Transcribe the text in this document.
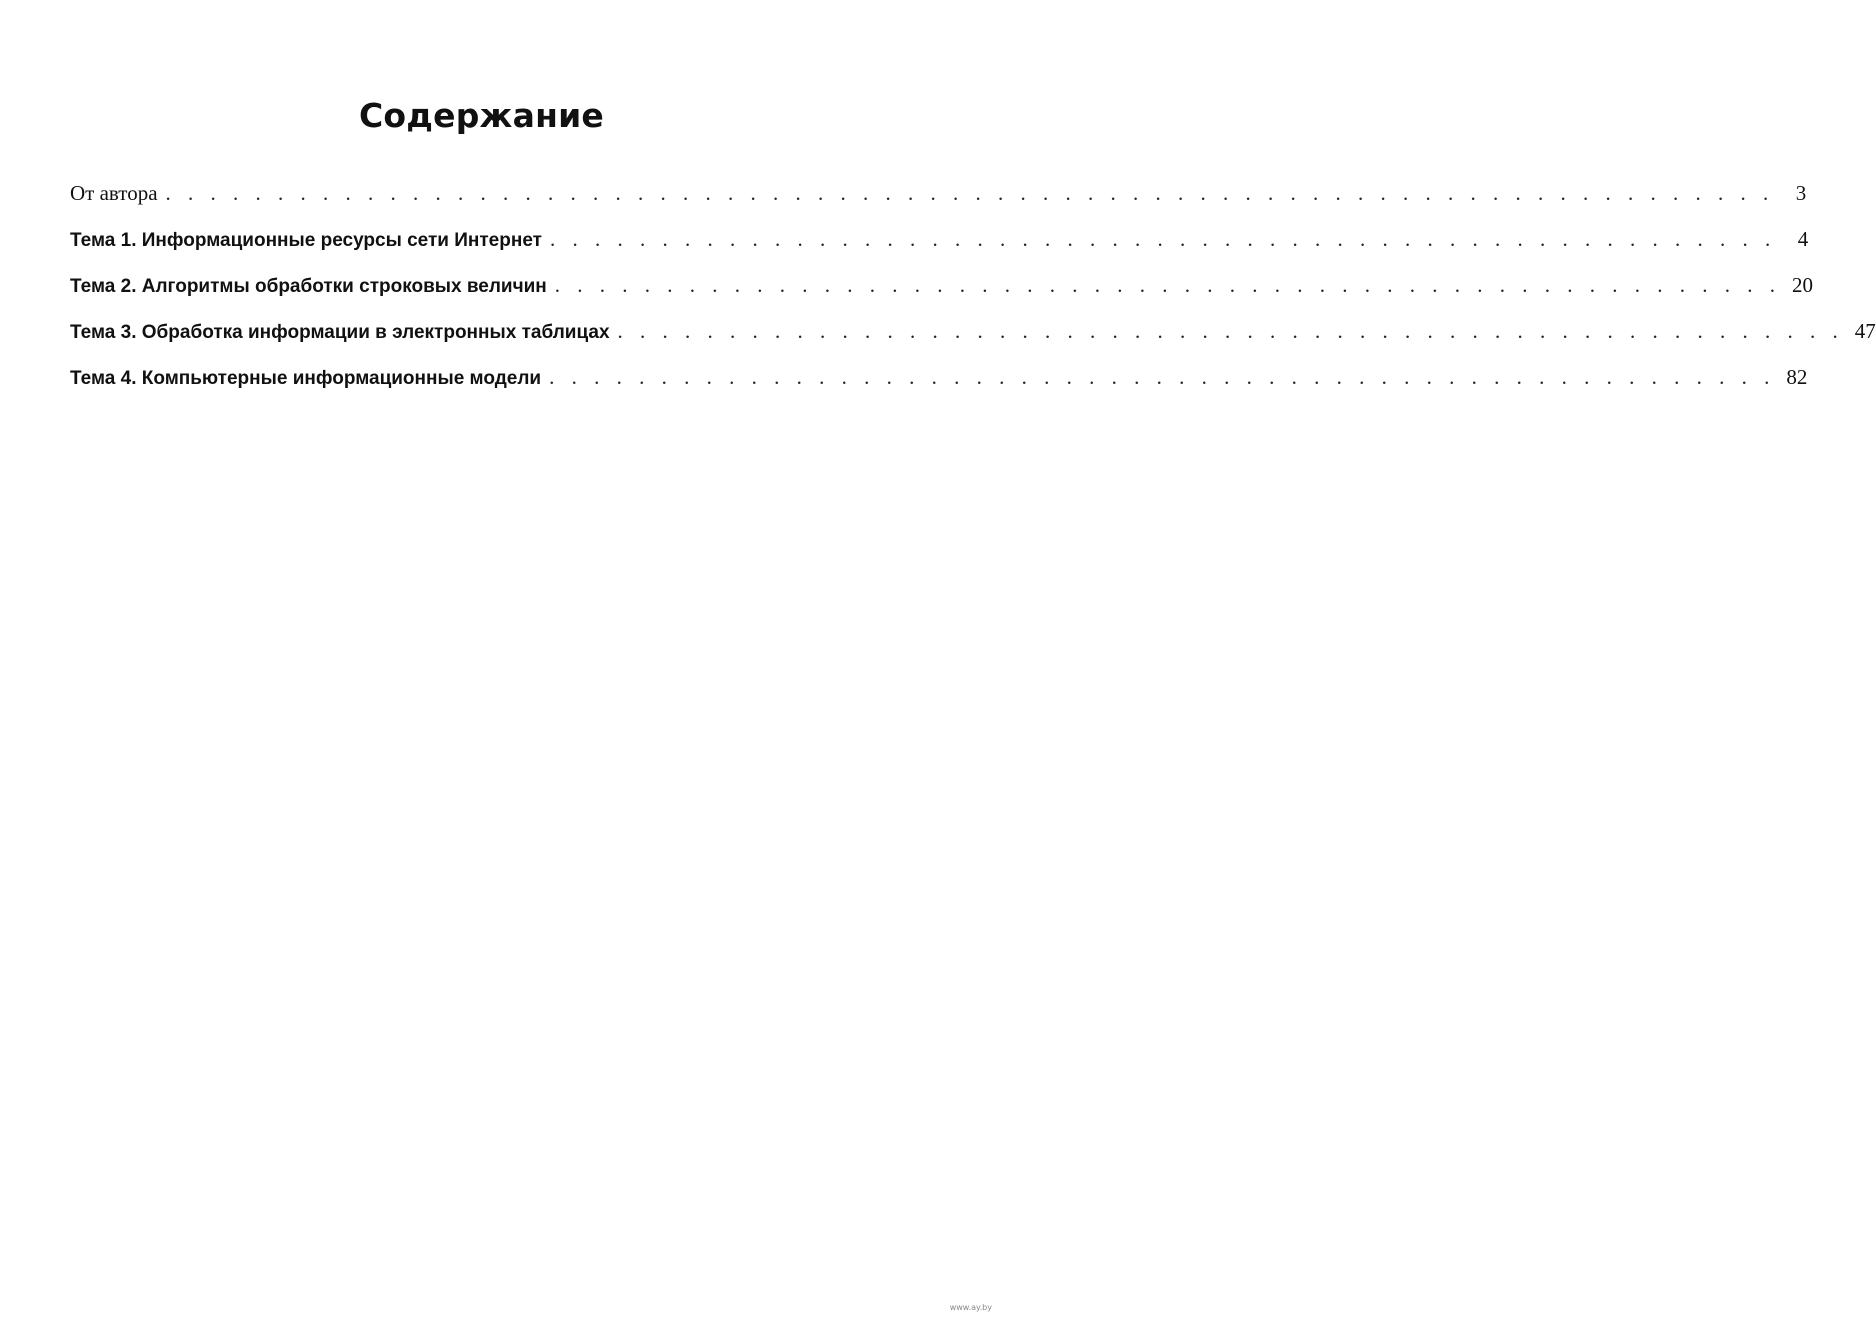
Содержание
От автора . . . . . . . . . . . . . . . . . . . . . . . . . . . . . . . . . . . . . . . . . . . . . . . . . . . . . . . . . . . . . . . . . . . . . . . .	3
Тема 1. Информационные ресурсы сети Интернет . . . . . . . . . . . . . . . . . . . . . . . . . . . . . . . . . . . . . . . . . . . . . . . . . . . . . . .	4
Тема 2. Алгоритмы обработки строковых величин . . . . . . . . . . . . . . . . . . . . . . . . . . . . . . . . . . . . . . . . . . . . . . . . . . . . . . . 20
Тема 3. Обработка информации в электронных таблицах . . . . . . . . . . . . . . . . . . . . . . . . . . . . . . . . . . . . . . . . . . . . . . . . . . . . . . . 47
Тема 4. Компьютерные информационные модели . . . . . . . . . . . . . . . . . . . . . . . . . . . . . . . . . . . . . . . . . . . . . . . . . . . . . . . 82
www.ay.by
